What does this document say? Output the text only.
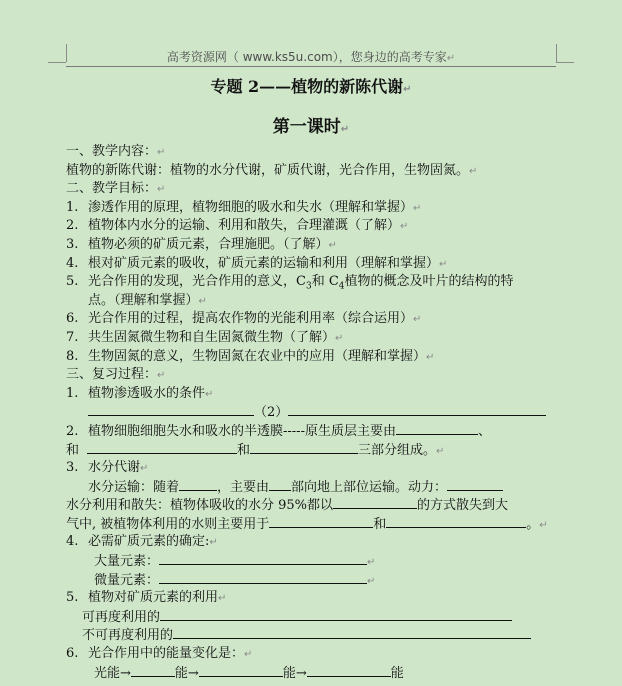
高考资源网（ www.ks5u.com），您身边的高考专家↵
专题 2——植物的新陈代谢↵
第一课时↵
一、教学内容：↵
植物的新陈代谢：植物的水分代谢，矿质代谢，光合作用，生物固氮。↵
二、教学目标：↵
1. 渗透作用的原理，植物细胞的吸水和失水（理解和掌握）↵
2. 植物体内水分的运输、利用和散失，合理灌溉（了解）↵
3. 植物必须的矿质元素，合理施肥。（了解）↵
4. 根对矿质元素的吸收，矿质元素的运输和利用（理解和掌握）↵
5. 光合作用的发现，光合作用的意义，$C_3$和 $C_4$植物的概念及叶片的结构的特
点。（理解和掌握）↵
6. 光合作用的过程，提高农作物的光能利用率（综合运用）↵
7. 共生固氮微生物和自生固氮微生物（了解）↵
8. 生物固氮的意义，生物固氮在农业中的应用（理解和掌握）↵
三、复习过程：↵
1. 植物渗透吸水的条件↵
（2）
2. 植物细胞细胞失水和吸水的半透膜-----原生质层主要由	、
和	和	三部分组成。↵
3. 水分代谢↵
水分运输：随着	，主要由 部向地上部位运输。动力：
水分利用和散失：植物体吸收的水分 95%都以	的方式散失到大
气中, 被植物体利用的水则主要用于	和	。↵
4. 必需矿质元素的确定:↵
大量元素：	↵
微量元素：	↵
5. 植物对矿质元素的利用↵
可再度利用的
不可再度利用的
6. 光合作用中的能量变化是：↵
光能→	能→	能→	能
